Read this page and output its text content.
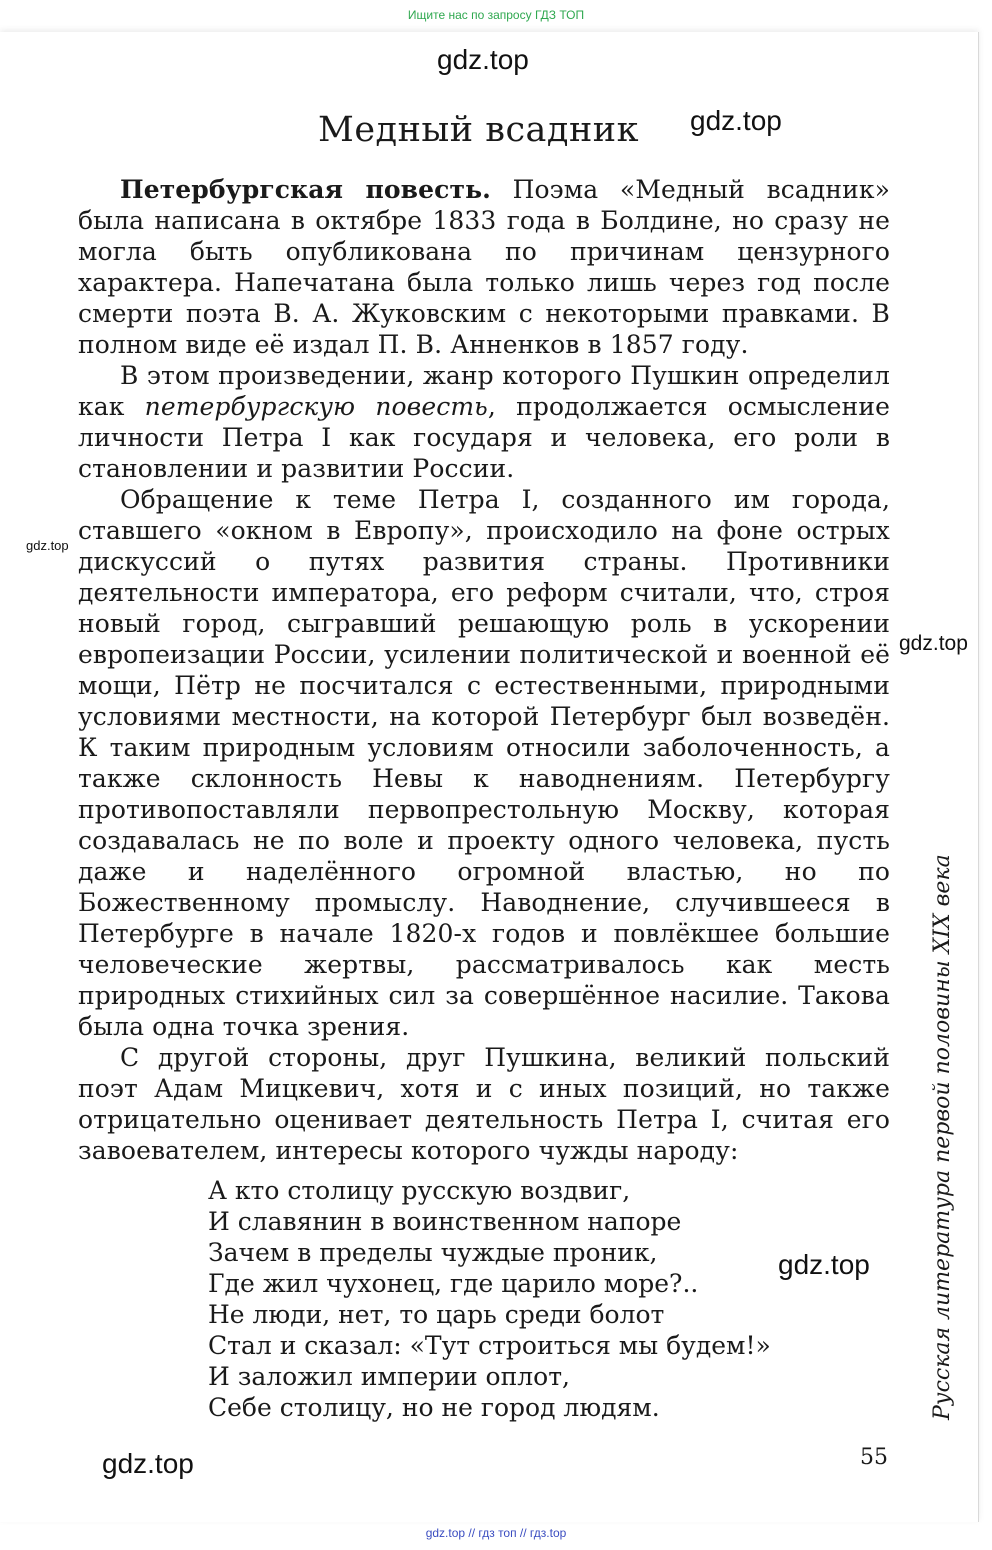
Ищите нас по запросу ГДЗ ТОП
gdz.top
gdz.top
gdz.top
gdz.top
gdz.top
gdz.top
Медный всадник

Петербургская повесть. Поэма «Медный всадник» была написана в октябре 1833 года в Болдине, но сразу не могла быть опубликована по причинам цензурного характера. Напечатана была только лишь через год после смерти поэта В. А. Жуковским с некоторыми правками. В полном виде её издал П. В. Анненков в 1857 году.

В этом произведении, жанр которого Пушкин определил как петербургскую повесть, продолжается осмысление личности Петра I как государя и человека, его роли в становлении и развитии России.

Обращение к теме Петра I, созданного им города, ставшего «окном в Европу», происходило на фоне острых дискуссий о путях развития страны. Противники деятельности императора, его реформ считали, что, строя новый город, сыгравший решающую роль в ускорении европеизации России, усилении политической и военной её мощи, Пётр не посчитался с естественными, природными условиями местности, на которой Петербург был возведён. К таким природным условиям относили заболоченность, а также склонность Невы к наводнениям. Петербургу противопоставляли первопрестольную Москву, которая создавалась не по воле и проекту одного человека, пусть даже и наделённого огромной властью, но по Божественному промыслу. Наводнение, случившееся в Петербурге в начале 1820-х годов и повлёкшее большие человеческие жертвы, рассматривалось как месть природных стихийных сил за совершённое насилие. Такова была одна точка зрения.

С другой стороны, друг Пушкина, великий польский поэт Адам Мицкевич, хотя и с иных позиций, но также отрицательно оценивает деятельность Петра I, считая его завоевателем, интересы которого чужды народу:

А кто столицу русскую воздвиг,
И славянин в воинственном напоре
Зачем в пределы чуждые проник,
Где жил чухонец, где царило море?..
Не люди, нет, то царь среди болот
Стал и сказал: «Тут строиться мы будем!»
И заложил империи оплот,
Себе столицу, но не город людям.	Русская литература первой половины XIX века
55
gdz.top // гдз топ // гдз.top
